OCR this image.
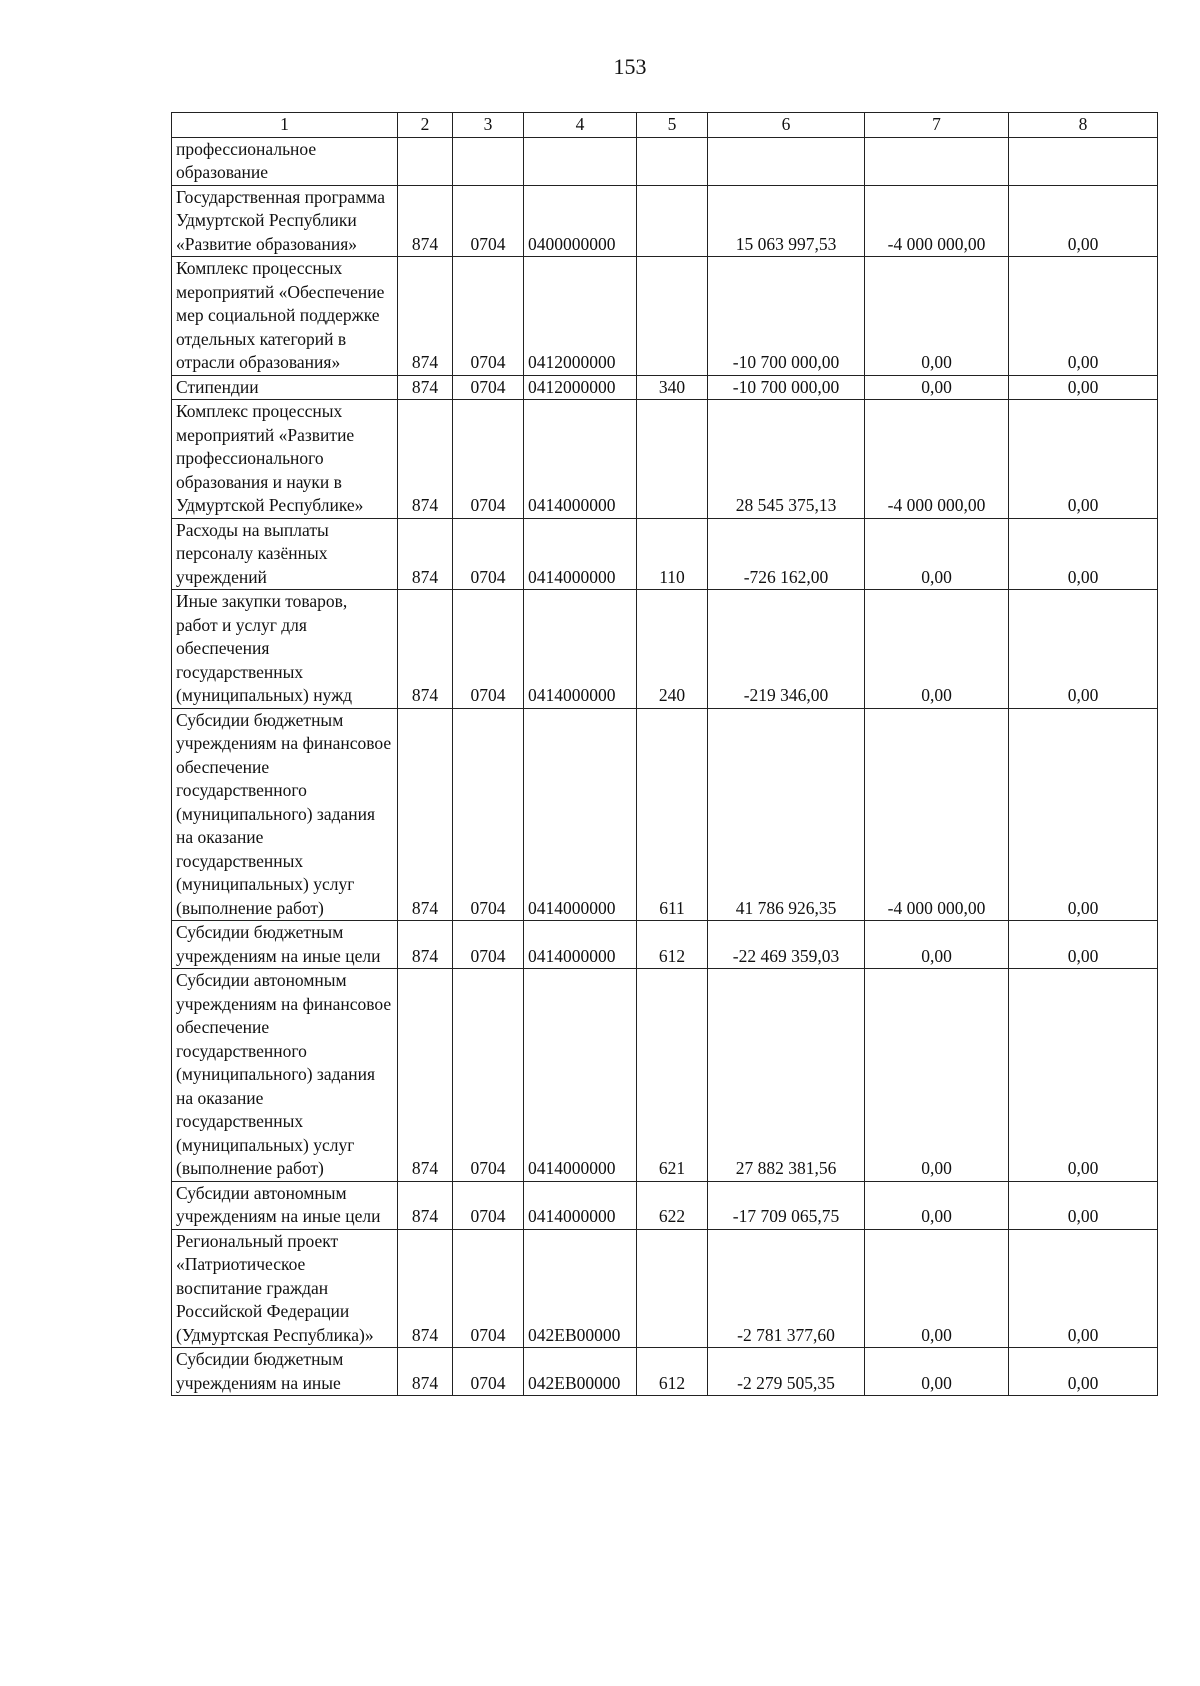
153
1	2	3	4	5	6	7	8
профессиональное образование							
Государственная программа Удмуртской Республики «Развитие образования»	874	0704	0400000000		15 063 997,53	-4 000 000,00	0,00
Комплекс процессных мероприятий «Обеспечение мер социальной поддержке отдельных категорий в отрасли образования»	874	0704	0412000000		-10 700 000,00	0,00	0,00
Стипендии	874	0704	0412000000	340	-10 700 000,00	0,00	0,00
Комплекс процессных мероприятий «Развитие профессионального образования и науки в Удмуртской Республике»	874	0704	0414000000		28 545 375,13	-4 000 000,00	0,00
Расходы на выплаты персоналу казённых учреждений	874	0704	0414000000	110	-726 162,00	0,00	0,00
Иные закупки товаров, работ и услуг для обеспечения государственных (муниципальных) нужд	874	0704	0414000000	240	-219 346,00	0,00	0,00
Субсидии бюджетным учреждениям на финансовое обеспечение государственного (муниципального) задания на оказание государственных (муниципальных) услуг (выполнение работ)	874	0704	0414000000	611	41 786 926,35	-4 000 000,00	0,00
Субсидии бюджетным учреждениям на иные цели	874	0704	0414000000	612	-22 469 359,03	0,00	0,00
Субсидии автономным учреждениям на финансовое обеспечение государственного (муниципального) задания на оказание государственных (муниципальных) услуг (выполнение работ)	874	0704	0414000000	621	27 882 381,56	0,00	0,00
Субсидии автономным учреждениям на иные цели	874	0704	0414000000	622	-17 709 065,75	0,00	0,00
Региональный проект «Патриотическое воспитание граждан Российской Федерации (Удмуртская Республика)»	874	0704	042EВ00000		-2 781 377,60	0,00	0,00
Субсидии бюджетным учреждениям на иные	874	0704	042EВ00000	612	-2 279 505,35	0,00	0,00
